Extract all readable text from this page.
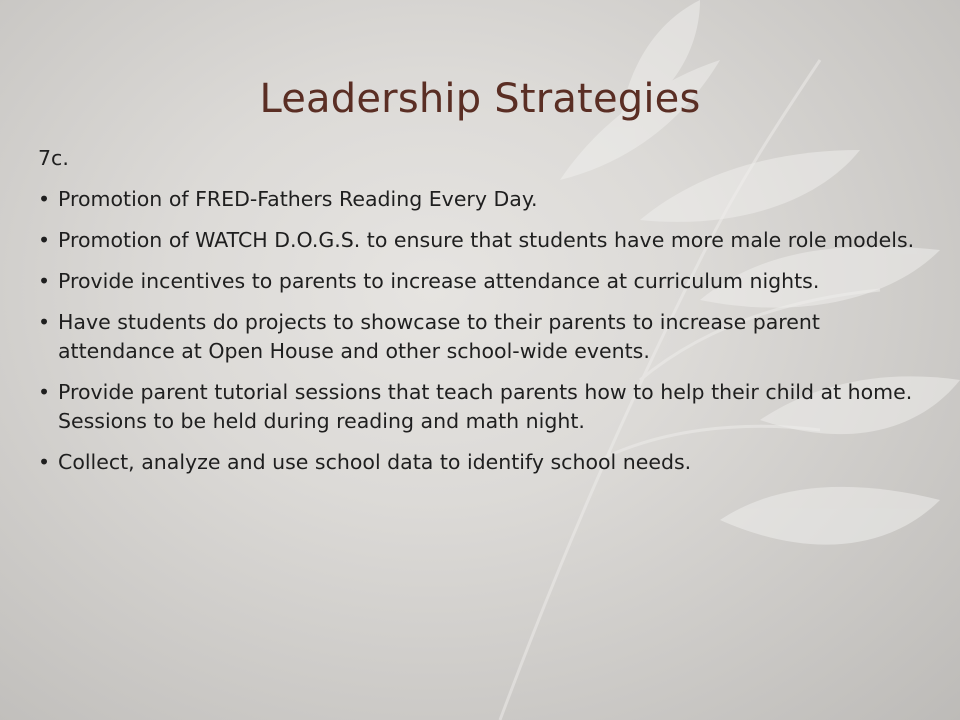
Leadership Strategies
7c.
• Promotion of FRED-Fathers Reading Every Day.
• Promotion of WATCH D.O.G.S. to ensure that students have more male role models.
• Provide incentives to parents to increase attendance at curriculum nights.
• Have students do projects to showcase to their parents to increase parent attendance at Open House and other school-wide events.
• Provide parent tutorial sessions that teach parents how to help their child at home. Sessions to be held during reading and math night.
• Collect, analyze and use school data to identify school needs.
